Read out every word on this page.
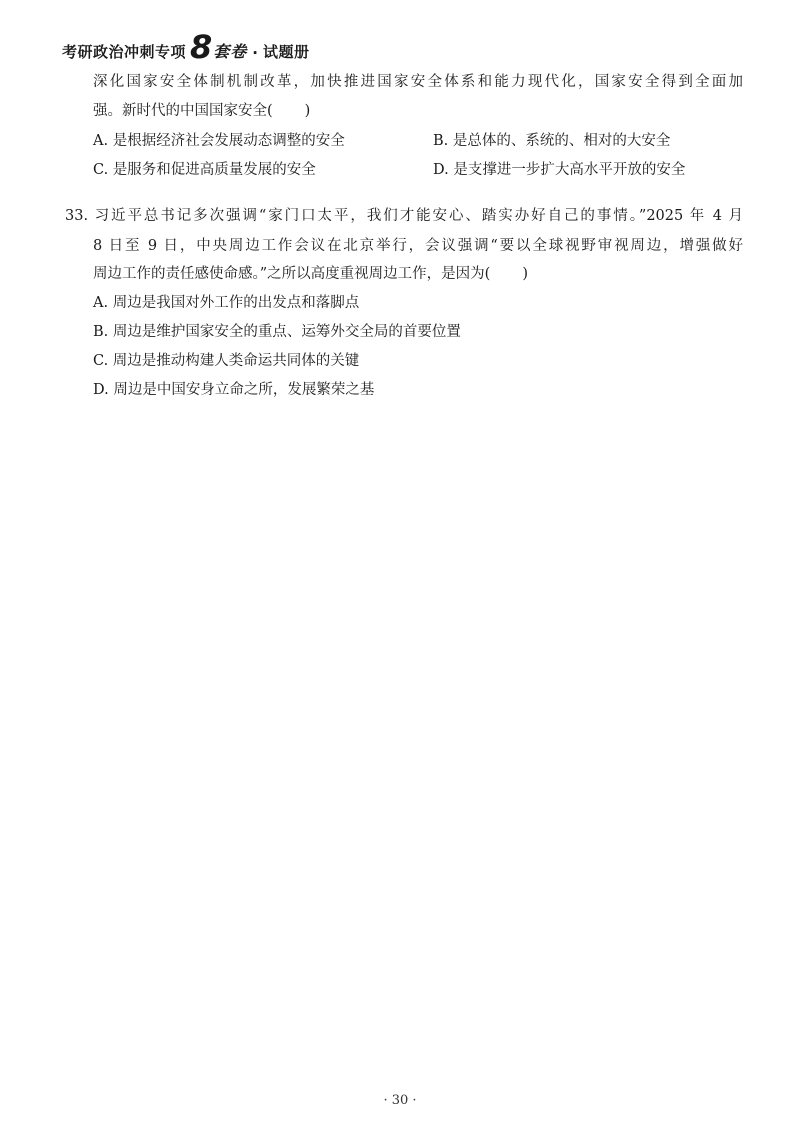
考研政治冲刺专项 8 套卷 · 试题册
深化国家安全体制机制改革，加快推进国家安全体系和能力现代化，国家安全得到全面加
强。新时代的中国国家安全( )
A. 是根据经济社会发展动态调整的安全	B. 是总体的、系统的、相对的大安全
C. 是服务和促进高质量发展的安全	D. 是支撑进一步扩大高水平开放的安全
33. 习近平总书记多次强调“家门口太平，我们才能安心、踏实办好自己的事情。”2025 年 4 月
8 日至 9 日，中央周边工作会议在北京举行，会议强调“要以全球视野审视周边，增强做好
周边工作的责任感使命感。”之所以高度重视周边工作，是因为( )
A. 周边是我国对外工作的出发点和落脚点
B. 周边是维护国家安全的重点、运筹外交全局的首要位置
C. 周边是推动构建人类命运共同体的关键
D. 周边是中国安身立命之所，发展繁荣之基
· 30 ·
